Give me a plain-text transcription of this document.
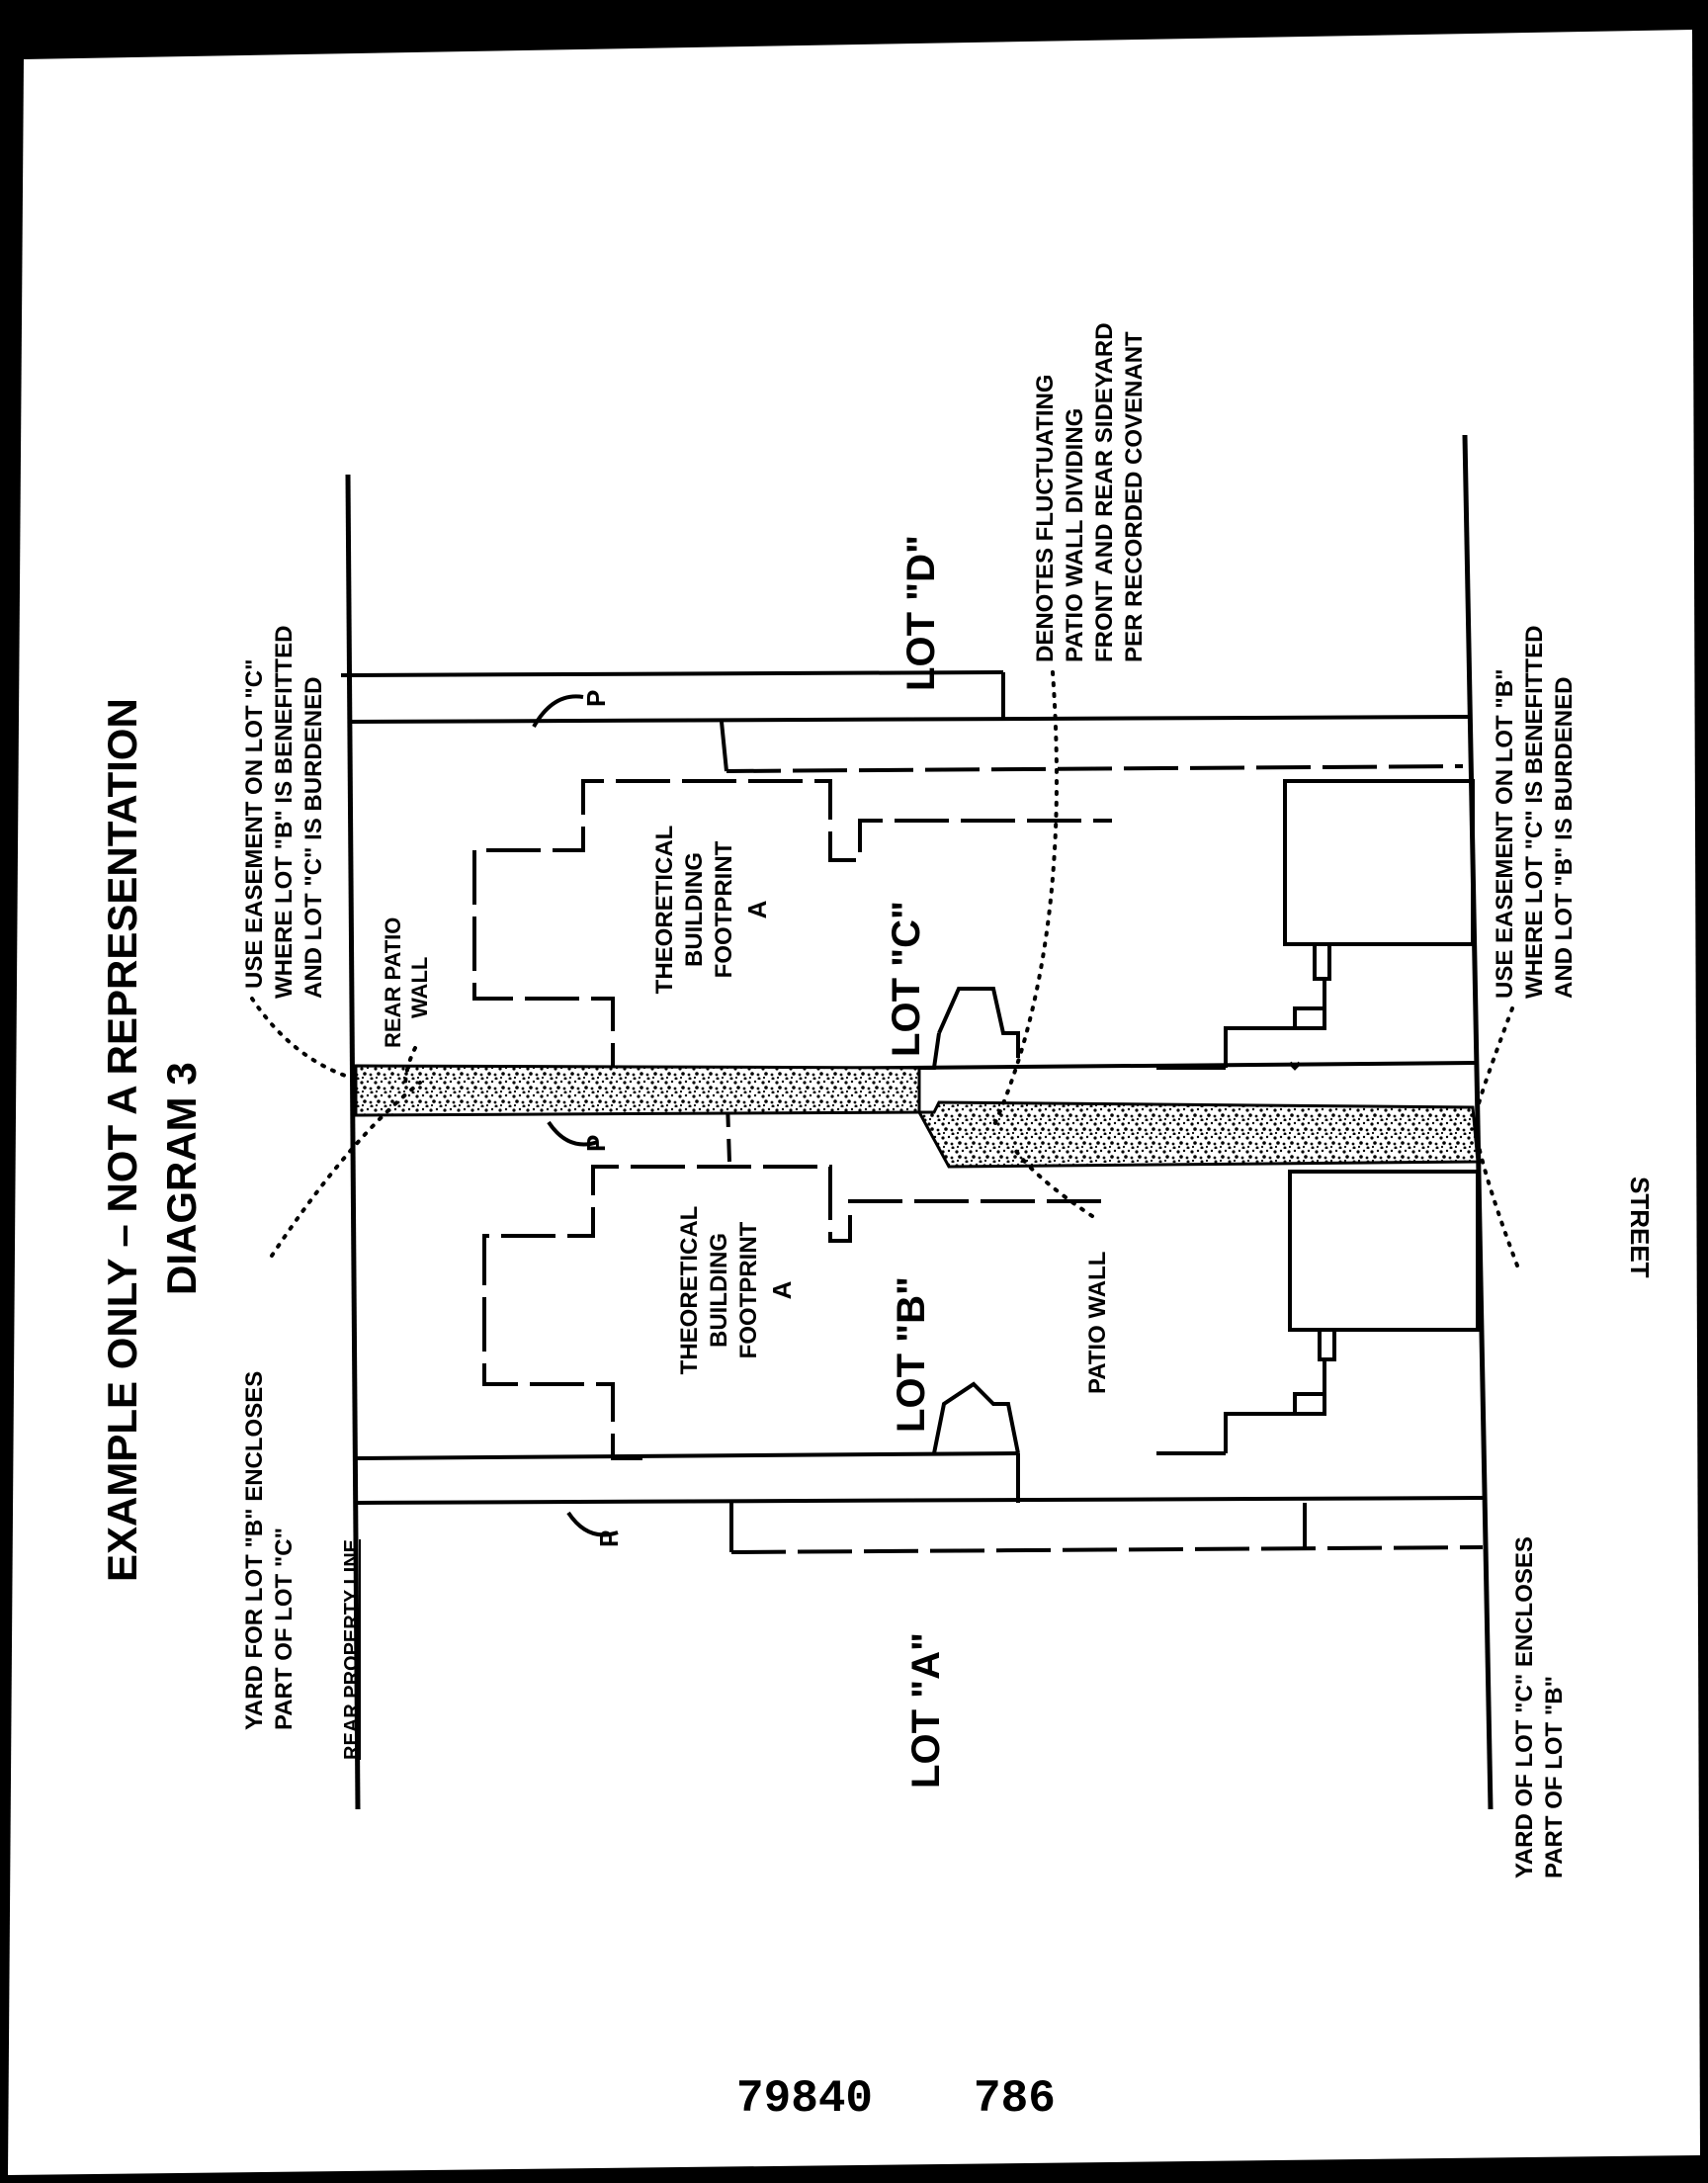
EXAMPLE ONLY – NOT A REPRESENTATION DIAGRAM 3
THEORETICAL BUILDING FOOTPRINT A
THEORETICAL BUILDING FOOTPRINT A
LOT "D"
LOT "C"
LOT "B"
LOT "A"
P
P
P
REAR PROPERTY LINE
REAR PATIO WALL
PATIO WALL
USE EASEMENT ON LOT "C" WHERE LOT "B" IS BENEFITTED AND LOT "C" IS BURDENED	USE EASEMENT ON LOT "B" WHERE LOT "C" IS BENEFITTED AND LOT "B" IS BURDENED
YARD FOR LOT "B" ENCLOSES PART OF LOT "C"	YARD OF LOT "C" ENCLOSES PART OF LOT "B"
DENOTES FLUCTUATING PATIO WALL DIVIDING FRONT AND REAR SIDEYARD PER RECORDED COVENANT
STREET
79840 786
